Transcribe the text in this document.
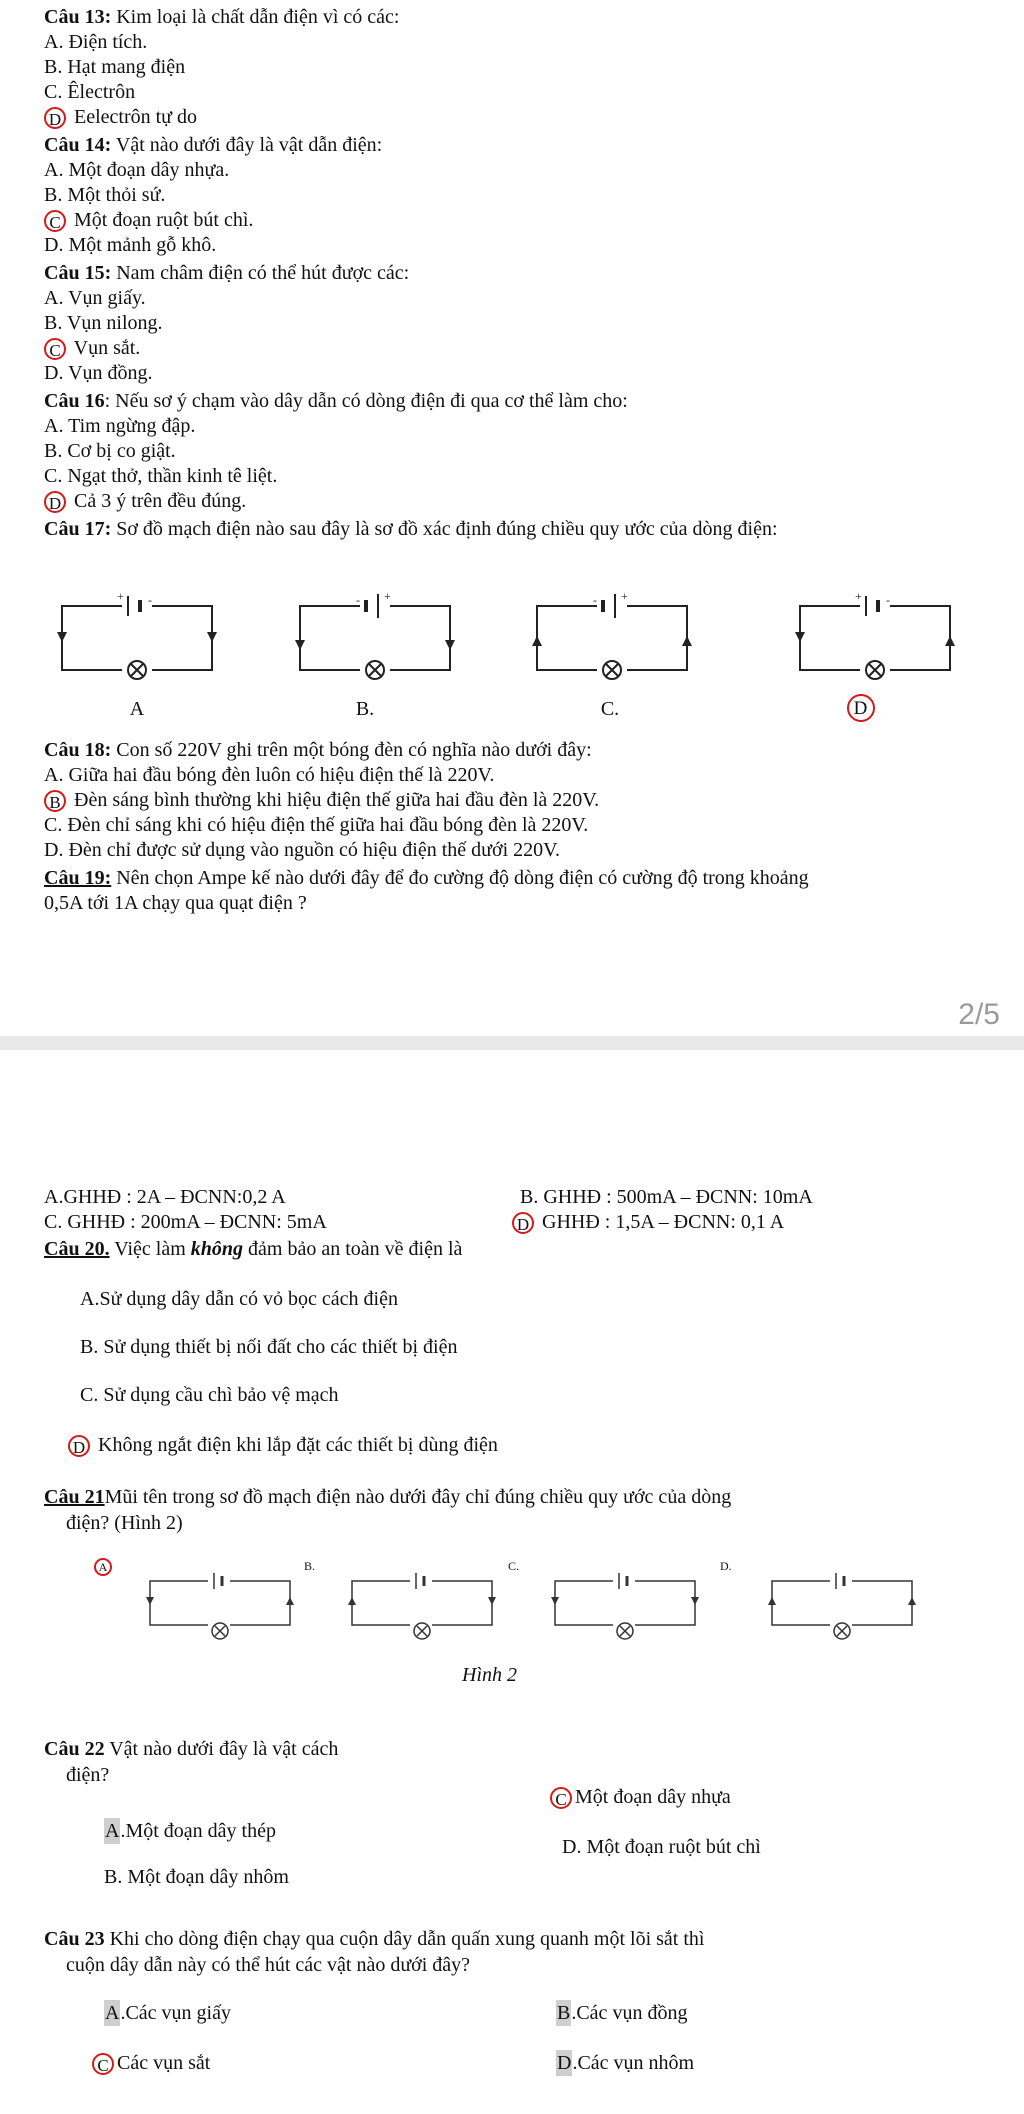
Câu 13: Kim loại là chất dẫn điện vì có các:
A. Điện tích.
B. Hạt mang điện
C. Êlectrôn
D Eelectrôn tự do
Câu 14: Vật nào dưới đây là vật dẫn điện:
A. Một đoạn dây nhựa.
B. Một thỏi sứ.
C Một đoạn ruột bút chì.
D. Một mảnh gỗ khô.
Câu 15: Nam châm điện có thể hút được các:
A. Vụn giấy.
B. Vụn nilong.
C Vụn sắt.
D. Vụn đồng.
Câu 16: Nếu sơ ý chạm vào dây dẫn có dòng điện đi qua cơ thể làm cho:
A. Tim ngừng đập.
B. Cơ bị co giật.
C. Ngạt thở, thần kinh tê liệt.
D Cả 3 ý trên đều đúng.
Câu 17: Sơ đồ mạch điện nào sau đây là sơ đồ xác định đúng chiều quy ước của dòng điện:
+ -
A
- +
B.
- +
C.
+ -
D
Câu 18: Con số 220V ghi trên một bóng đèn có nghĩa nào dưới đây:
A. Giữa hai đầu bóng đèn luôn có hiệu điện thế là 220V.
B Đèn sáng bình thường khi hiệu điện thế giữa hai đầu đèn là 220V.
C. Đèn chỉ sáng khi có hiệu điện thế giữa hai đầu bóng đèn là 220V.
D. Đèn chỉ được sử dụng vào nguồn có hiệu điện thế dưới 220V.
Câu 19: Nên chọn Ampe kế nào dưới đây để đo cường độ dòng điện có cường độ trong khoảng
0,5A tới 1A chạy qua quạt điện ?
2/5
A.GHHĐ : 2A – ĐCNN:0,2 A	B. GHHĐ : 500mA – ĐCNN: 10mA
C. GHHĐ : 200mA – ĐCNN: 5mA	D GHHĐ : 1,5A – ĐCNN: 0,1 A
Câu 20. Việc làm không đảm bảo an toàn về điện là
A.Sử dụng dây dẫn có vỏ bọc cách điện
B. Sử dụng thiết bị nối đất cho các thiết bị điện
C. Sử dụng cầu chì bảo vệ mạch
D Không ngắt điện khi lắp đặt các thiết bị dùng điện
Câu 21Mũi tên trong sơ đồ mạch điện nào dưới đây chỉ đúng chiều quy ước của dòng
điện? (Hình 2)
A	B.	C.	D.
Hình 2
Câu 22 Vật nào dưới đây là vật cách
điện?
C Một đoạn dây nhựa
A.Một đoạn dây thép
D. Một đoạn ruột bút chì
B. Một đoạn dây nhôm
Câu 23 Khi cho dòng điện chạy qua cuộn dây dẫn quấn xung quanh một lõi sắt thì
cuộn dây dẫn này có thể hút các vật nào dưới đây?
A.Các vụn giấy	B.Các vụn đồng
C Các vụn sắt	D.Các vụn nhôm
